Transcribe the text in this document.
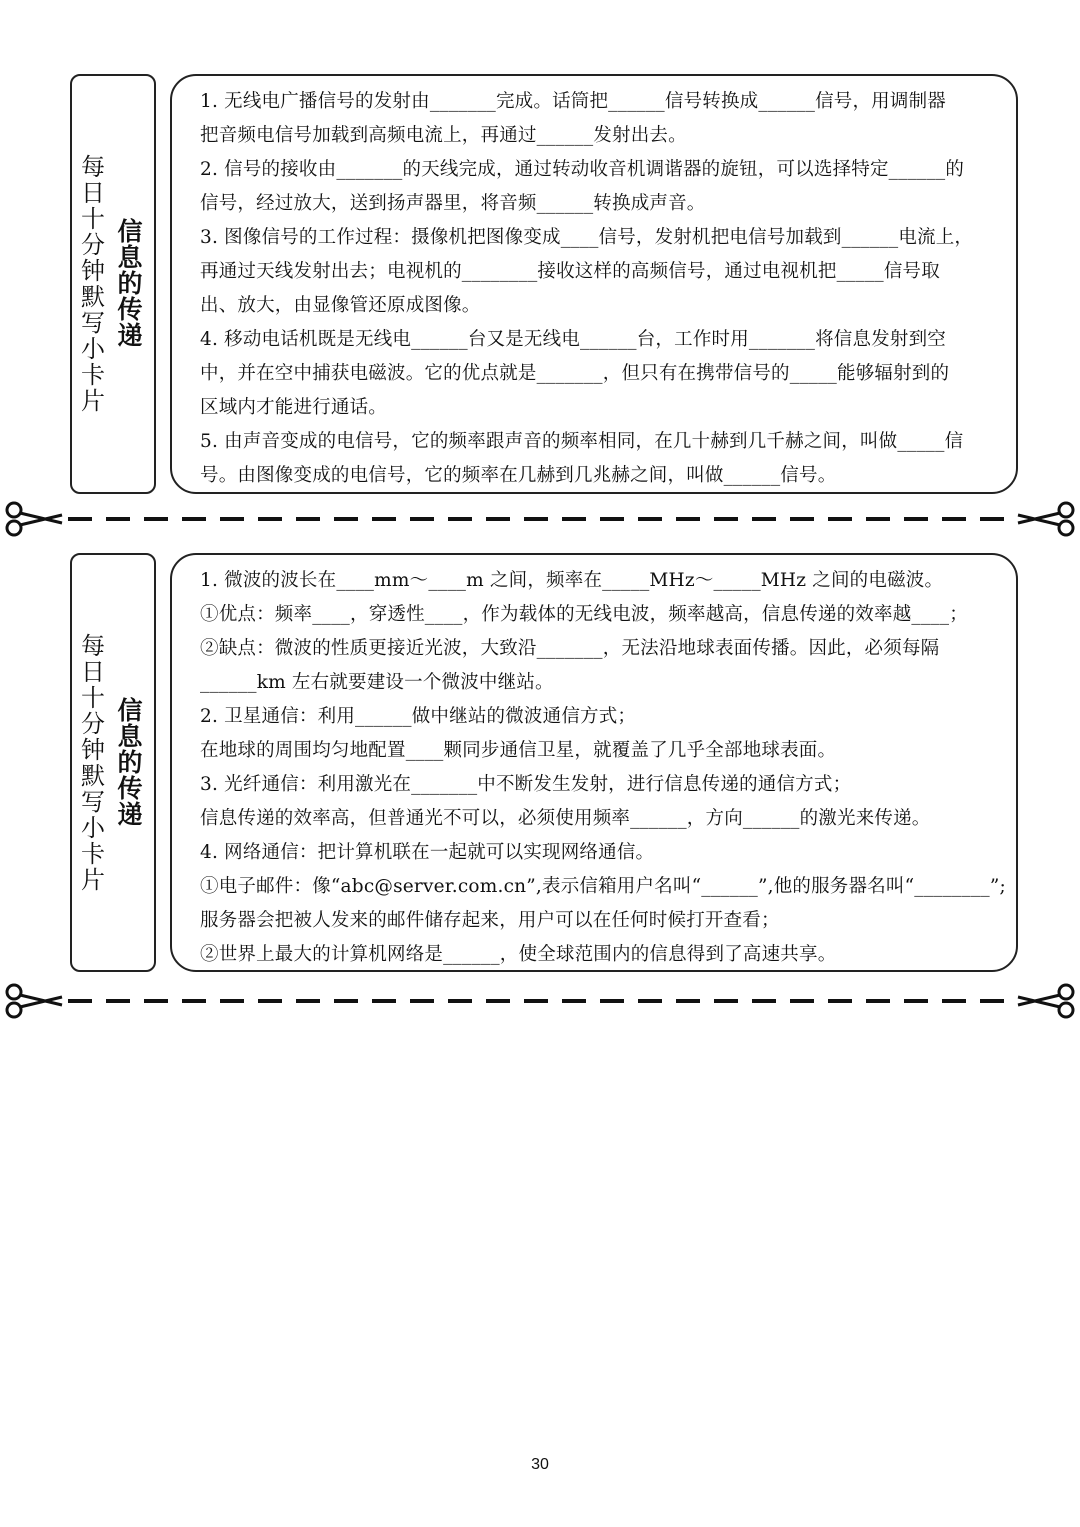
每日十分钟默写小卡片
信息的传递

1. 无线电广播信号的发射由_______完成。话筒把______信号转换成______信号，用调制器

把音频电信号加载到高频电流上，再通过______发射出去。

2. 信号的接收由_______的天线完成，通过转动收音机调谐器的旋钮，可以选择特定______的

信号，经过放大，送到扬声器里，将音频______转换成声音。

3. 图像信号的工作过程：摄像机把图像变成____信号，发射机把电信号加载到______电流上，

再通过天线发射出去；电视机的________接收这样的高频信号，通过电视机把_____信号取

出、放大，由显像管还原成图像。

4. 移动电话机既是无线电______台又是无线电______台，工作时用_______将信息发射到空

中，并在空中捕获电磁波。它的优点就是_______，但只有在携带信号的_____能够辐射到的

区域内才能进行通话。

5. 由声音变成的电信号，它的频率跟声音的频率相同，在几十赫到几千赫之间，叫做_____信

号。由图像变成的电信号，它的频率在几赫到几兆赫之间，叫做______信号。

每日十分钟默写小卡片
信息的传递

1. 微波的波长在____mm～____m 之间，频率在_____MHz～_____MHz 之间的电磁波。

①优点：频率____，穿透性____，作为载体的无线电波，频率越高，信息传递的效率越____；

②缺点：微波的性质更接近光波，大致沿_______，无法沿地球表面传播。因此，必须每隔

______km 左右就要建设一个微波中继站。

2. 卫星通信：利用______做中继站的微波通信方式；

在地球的周围均匀地配置____颗同步通信卫星，就覆盖了几乎全部地球表面。

3. 光纤通信：利用激光在_______中不断发生发射，进行信息传递的通信方式；

信息传递的效率高，但普通光不可以，必须使用频率______，方向______的激光来传递。

4. 网络通信：把计算机联在一起就可以实现网络通信。

①电子邮件：像“abc@server.com.cn”,表示信箱用户名叫“______”,他的服务器名叫“________”;

服务器会把被人发来的邮件储存起来，用户可以在任何时候打开查看；

②世界上最大的计算机网络是______，使全球范围内的信息得到了高速共享。

30
